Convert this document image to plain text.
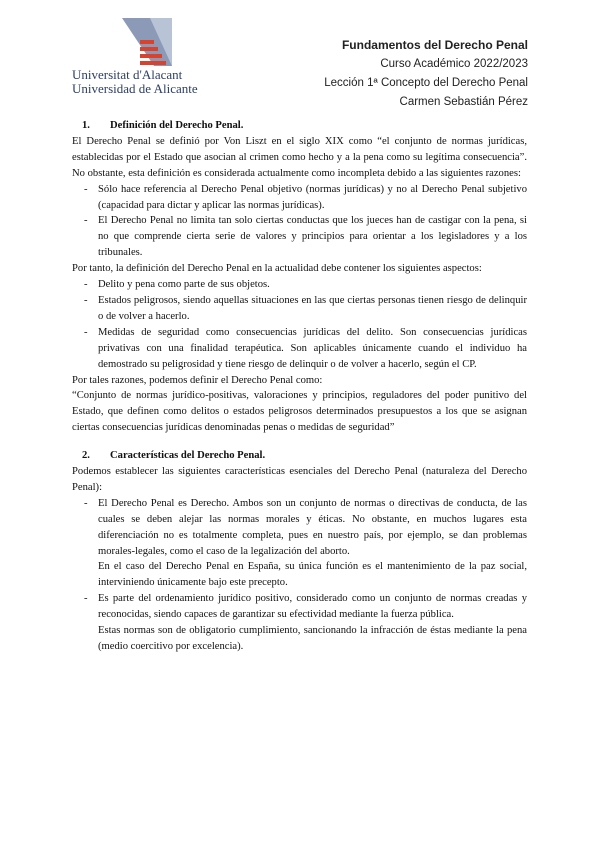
Universitat d'Alacant
Universidad de Alicante
Fundamentos del Derecho Penal
Curso Académico 2022/2023
Lección 1ª Concepto del Derecho Penal
Carmen Sebastián Pérez
1. Definición del Derecho Penal.

El Derecho Penal se definió por Von Liszt en el siglo XIX como “el conjunto de normas jurídicas, establecidas por el Estado que asocian al crimen como hecho y a la pena como su legítima consecuencia”. No obstante, esta definición es considerada actualmente como incompleta debido a las siguientes razones:

- Sólo hace referencia al Derecho Penal objetivo (normas jurídicas) y no al Derecho Penal subjetivo (capacidad para dictar y aplicar las normas jurídicas).
- El Derecho Penal no limita tan solo ciertas conductas que los jueces han de castigar con la pena, si no que comprende cierta serie de valores y principios para orientar a los legisladores y a los tribunales.

Por tanto, la definición del Derecho Penal en la actualidad debe contener los siguientes aspectos:

- Delito y pena como parte de sus objetos.
- Estados peligrosos, siendo aquellas situaciones en las que ciertas personas tienen riesgo de delinquir o de volver a hacerlo.
- Medidas de seguridad como consecuencias jurídicas del delito. Son consecuencias jurídicas privativas con una finalidad terapéutica. Son aplicables únicamente cuando el individuo ha demostrado su peligrosidad y tiene riesgo de delinquir o de volver a hacerlo, según el CP.

Por tales razones, podemos definir el Derecho Penal como:

“Conjunto de normas jurídico-positivas, valoraciones y principios, reguladores del poder punitivo del Estado, que definen como delitos o estados peligrosos determinados presupuestos a los que se asignan ciertas consecuencias jurídicas denominadas penas o medidas de seguridad”

2. Características del Derecho Penal.

Podemos establecer las siguientes características esenciales del Derecho Penal (naturaleza del Derecho Penal):

- El Derecho Penal es Derecho. Ambos son un conjunto de normas o directivas de conducta, de las cuales se deben alejar las normas morales y éticas. No obstante, en muchos lugares esta diferenciación no es totalmente completa, pues en nuestro país, por ejemplo, se dan problemas morales-legales, como el caso de la legalización del aborto.

En el caso del Derecho Penal en España, su única función es el mantenimiento de la paz social, interviniendo únicamente bajo este precepto.

- Es parte del ordenamiento jurídico positivo, considerado como un conjunto de normas creadas y reconocidas, siendo capaces de garantizar su efectividad mediante la fuerza pública.

Estas normas son de obligatorio cumplimiento, sancionando la infracción de éstas mediante la pena (medio coercitivo por excelencia).
